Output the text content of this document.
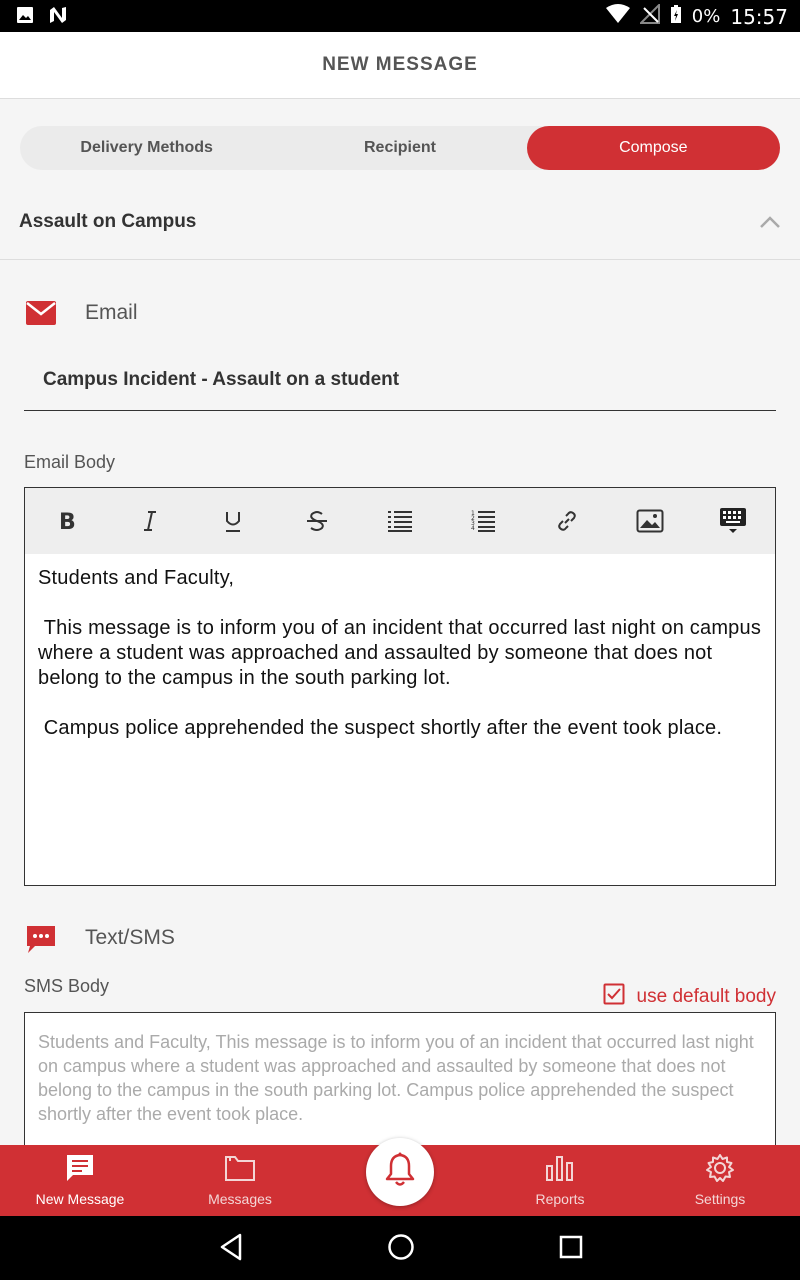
0% 15:57
NEW MESSAGE
Delivery Methods	Recipient	Compose
Assault on Campus
Email
Campus Incident - Assault on a student
Email Body
B	1
2
3
4
Students and Faculty,

This message is to inform you of an incident that occurred last night on campus where a student was approached and assaulted by someone that does not belong to the campus in the south parking lot.

Campus police apprehended the suspect shortly after the event took place.
Text/SMS
SMS Body	use default body
Students and Faculty, This message is to inform you of an incident that occurred last night on campus where a student was approached and assaulted by someone that does not belong to the campus in the south parking lot. Campus police apprehended the suspect shortly after the event took place.
New Message	Messages	Reports	Settings
